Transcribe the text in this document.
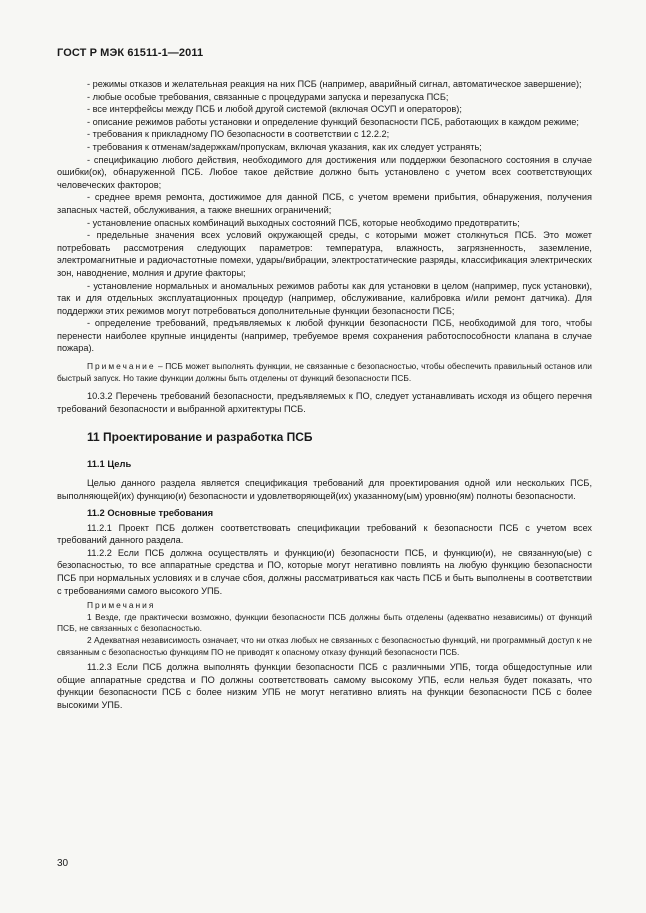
ГОСТ Р МЭК 61511-1—2011

- режимы отказов и желательная реакция на них ПСБ (например, аварийный сигнал, автоматическое завершение);

- любые особые требования, связанные с процедурами запуска и перезапуска ПСБ;

- все интерфейсы между ПСБ и любой другой системой (включая ОСУП и операторов);

- описание режимов работы установки и определение функций безопасности ПСБ, работающих в каждом режиме;

- требования к прикладному ПО безопасности в соответствии с 12.2.2;

- требования к отменам/задержкам/пропускам, включая указания, как их следует устранять;

- спецификацию любого действия, необходимого для достижения или поддержки безопасного состояния в случае ошибки(ок), обнаруженной ПСБ. Любое такое действие должно быть установлено с учетом всех соответствующих человеческих факторов;

- среднее время ремонта, достижимое для данной ПСБ, с учетом времени прибытия, обнаружения, получения запасных частей, обслуживания, а также внешних ограничений;

- установление опасных комбинаций выходных состояний ПСБ, которые необходимо предотвратить;

- предельные значения всех условий окружающей среды, с которыми может столкнуться ПСБ. Это может потребовать рассмотрения следующих параметров: температура, влажность, загрязненность, заземление, электромагнитные и радиочастотные помехи, удары/вибрации, электростатические разряды, классификация электрических зон, наводнение, молния и другие факторы;

- установление нормальных и аномальных режимов работы как для установки в целом (например, пуск установки), так и для отдельных эксплуатационных процедур (например, обслуживание, калибровка и/или ремонт датчика). Для поддержки этих режимов могут потребоваться дополнительные функции безопасности ПСБ;

- определение требований, предъявляемых к любой функции безопасности ПСБ, необходимой для того, чтобы перенести наиболее крупные инциденты (например, требуемое время сохранения работоспособности клапана в случае пожара).

Примечание – ПСБ может выполнять функции, не связанные с безопасностью, чтобы обеспечить правильный останов или быстрый запуск. Но такие функции должны быть отделены от функций безопасности ПСБ.

10.3.2 Перечень требований безопасности, предъявляемых к ПО, следует устанавливать исходя из общего перечня требований безопасности и выбранной архитектуры ПСБ.

11 Проектирование и разработка ПСБ

11.1 Цель

Целью данного раздела является спецификация требований для проектирования одной или нескольких ПСБ, выполняющей(их) функцию(и) безопасности и удовлетворяющей(их) указанному(ым) уровню(ям) полноты безопасности.

11.2 Основные требования

11.2.1 Проект ПСБ должен соответствовать спецификации требований к безопасности ПСБ с учетом всех требований данного раздела.

11.2.2 Если ПСБ должна осуществлять и функцию(и) безопасности ПСБ, и функцию(и), не связанную(ые) с безопасностью, то все аппаратные средства и ПО, которые могут негативно повлиять на любую функцию безопасности ПСБ при нормальных условиях и в случае сбоя, должны рассматриваться как часть ПСБ и быть выполнены в соответствии с требованиями самого высокого УПБ.

Примечания

1 Везде, где практически возможно, функции безопасности ПСБ должны быть отделены (адекватно независимы) от функций ПСБ, не связанных с безопасностью.

2 Адекватная независимость означает, что ни отказ любых не связанных с безопасностью функций, ни программный доступ к не связанным с безопасностью функциям ПО не приводят к опасному отказу функций безопасности ПСБ.

11.2.3 Если ПСБ должна выполнять функции безопасности ПСБ с различными УПБ, тогда общедоступные или общие аппаратные средства и ПО должны соответствовать самому высокому УПБ, если нельзя будет показать, что функции безопасности ПСБ с более низким УПБ не могут негативно влиять на функции безопасности ПСБ с более высокими УПБ.

30
